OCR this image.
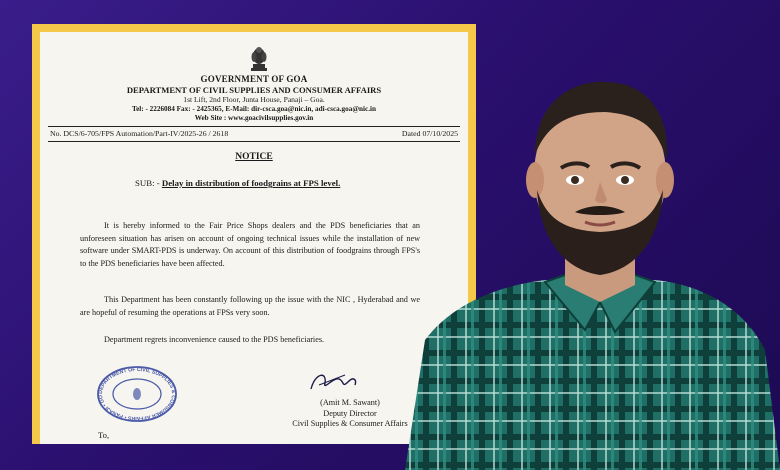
GOVERNMENT OF GOA
DEPARTMENT OF CIVIL SUPPLIES AND CONSUMER AFFAIRS
1st Lift, 2nd Floor, Junta House, Panaji – Goa.
Tel: - 2226084 Fax: - 2425365, E-Mail: dir-csca.goa@nic.in, adi-csca.goa@nic.in
Web Site : www.goacivilsupplies.gov.in
No. DCS/6-705/FPS Automation/Part-IV/2025-26 / 2618	Dated 07/10/2025
NOTICE
SUB: - Delay in distribution of foodgrains at FPS level.

It is hereby informed to the Fair Price Shops dealers and the PDS beneficiaries that an unforeseen situation has arisen on account of ongoing technical issues while the installation of new software under SMART-PDS is underway. On account of this distribution of foodgrains through FPS's to the PDS beneficiaries have been affected.

This Department has been constantly following up the issue with the NIC , Hyderabad and we are hopeful of resuming the operations at FPSs very soon.

Department regrets inconvenience caused to the PDS beneficiaries.

DEPARTMENT OF CIVIL SUPPLIES & CONSUMER AFFAIRS • PANAJI • GO
(Amit M. Sawant)
Deputy Director
Civil Supplies & Consumer Affairs
To,
